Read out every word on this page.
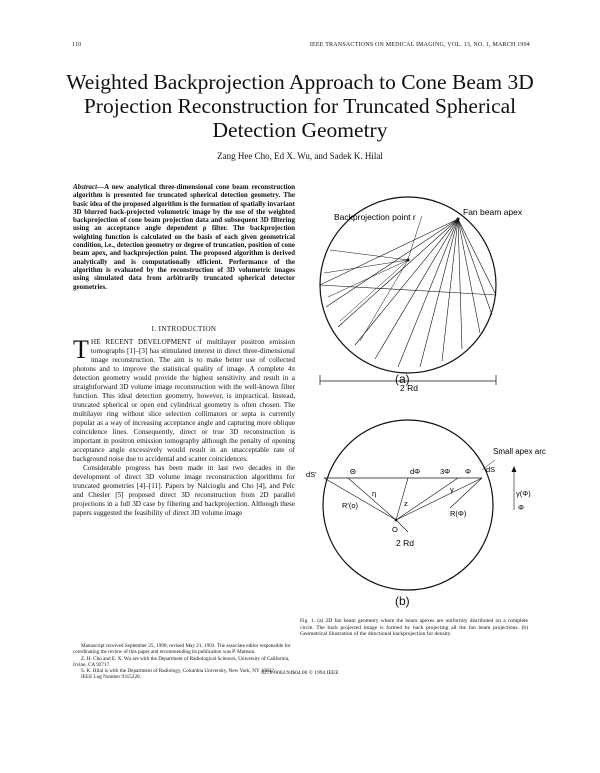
110	IEEE TRANSACTIONS ON MEDICAL IMAGING, VOL. 13, NO. 1, MARCH 1994
Weighted Backprojection Approach to Cone Beam 3D Projection Reconstruction for Truncated Spherical Detection Geometry
Zang Hee Cho, Ed X. Wu, and Sadek K. Hilal
Abstract—A new analytical three-dimensional cone beam reconstruction algorithm is presented for truncated spherical detection geometry. The basic idea of the proposed algorithm is the formation of spatially invariant 3D blurred back-projected volumetric image by the use of the weighted backprojection of cone beam projection data and subsequent 3D filtering using an acceptance angle dependent ρ filter. The backprojection weighting function is calculated on the basis of each given geometrical condition, i.e., detection geometry or degree of truncation, position of cone beam apex, and backprojection point. The proposed algorithm is derived analytically and is computationally efficient. Performance of the algorithm is evaluated by the reconstruction of 3D volumetric images using simulated data from arbitrarily truncated spherical detector geometries.
I. INTRODUCTION

THE RECENT DEVELOPMENT of multilayer positron emission tomographs [1]–[3] has stimulated interest in direct three-dimensional image reconstruction. The aim is to make better use of collected photons and to improve the statistical quality of image. A complete 4π detection geometry would provide the highest sensitivity and result in a straightforward 3D volume image reconstruction with the well-known filter function. This ideal detection geometry, however, is impractical. Instead, truncated spherical or open end cylindrical geometry is often chosen. The multilayer ring without slice selection collimators or septa is currently popular as a way of increasing acceptance angle and capturing more oblique coincidence lines. Consequently, direct or true 3D reconstruction is important in positron emission tomography although the penalty of opening acceptance angle excessively would result in an unacceptable rate of background noise due to accidental and scatter coincidences.

Considerable progress has been made in last two decades in the development of direct 3D volume image reconstruction algorithms for truncated geometries [4]–[11]. Papers by Nalcioglu and Cho [4], and Pelc and Chesler [5] proposed direct 3D reconstruction from 2D parallel projections in a full 3D case by filtering and backprojection. Although these papers suggested the feasibility of direct 3D volume image

Manuscript received September 25, 1990; revised May 21, 1993. The associate editor responsible for coordinating the review of this paper and recommending its publication was P. Mattson.

Z. H. Cho and E. X. Wu are with the Department of Radiological Sciences, University of California, Irvine, CA 92717.

S. K. Hilal is with the Department of Radiology, Columbia University, New York, NY 10032.

IEEE Log Number 9315220.

Backprojection point r	Fan beam apex
2 Rd
(a)
Small apex arc
dS
dS'	Θ	dΦ	3Φ Φ
γ
η
R'(ο)
R(Φ)
z
O
γ(Φ)
Φ
2 Rd
(b)
Fig. 1. (a) 2D fan beam geometry where the beam apexes are uniformly distributed on a complete circle. The back projected image is formed by back projecting all the fan beam projections. (b) Geometrical illustration of the directional backprojection for density.
0278-0062/94$04.00 © 1994 IEEE
